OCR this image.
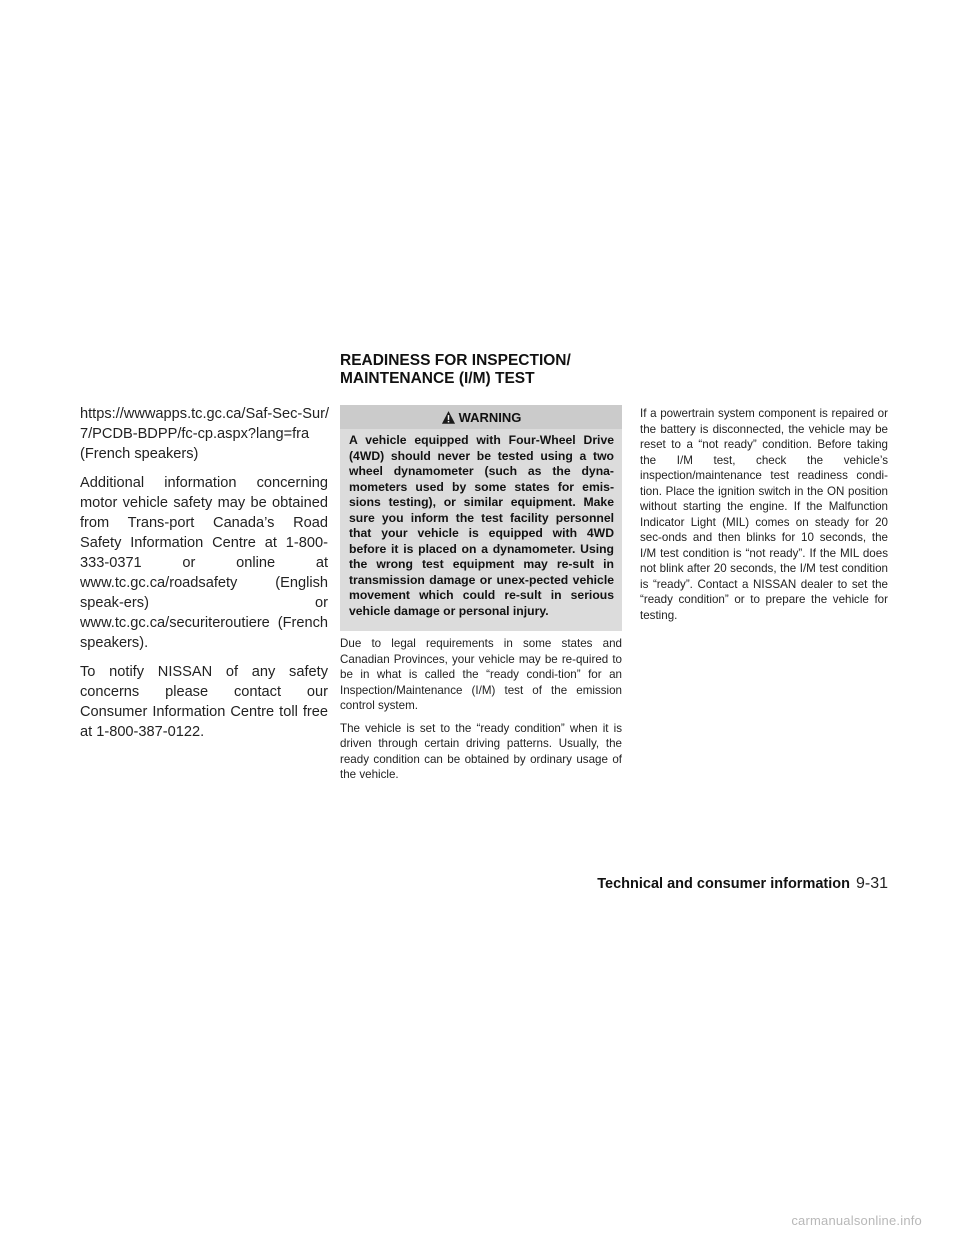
https://wwwapps.tc.gc.ca/Saf-Sec-Sur/
7/PCDB-BDPP/fc-cp.aspx?lang=fra
(French speakers)

Additional information concerning motor vehicle safety may be obtained from Trans-port Canada’s Road Safety Information Centre at 1-800-333-0371 or online at www.tc.gc.ca/roadsafety (English speak-ers) or www.tc.gc.ca/securiteroutiere (French speakers).

To notify NISSAN of any safety concerns please contact our Consumer Information Centre toll free at 1-800-387-0122.

READINESS FOR INSPECTION/
MAINTENANCE (I/M) TEST
WARNING
A vehicle equipped with Four-Wheel Drive (4WD) should never be tested using a two wheel dynamometer (such as the dyna-mometers used by some states for emis-sions testing), or similar equipment. Make sure you inform the test facility personnel that your vehicle is equipped with 4WD before it is placed on a dynamometer. Using the wrong test equipment may re-sult in transmission damage or unex-pected vehicle movement which could re-sult in serious vehicle damage or personal injury.

Due to legal requirements in some states and Canadian Provinces, your vehicle may be re-quired to be in what is called the “ready condi-tion” for an Inspection/Maintenance (I/M) test of the emission control system.

The vehicle is set to the “ready condition” when it is driven through certain driving patterns. Usually, the ready condition can be obtained by ordinary usage of the vehicle.

If a powertrain system component is repaired or the battery is disconnected, the vehicle may be reset to a “not ready” condition. Before taking the I/M test, check the vehicle’s inspection/maintenance test readiness condi-tion. Place the ignition switch in the ON position without starting the engine. If the Malfunction Indicator Light (MIL) comes on steady for 20 sec-onds and then blinks for 10 seconds, the I/M test condition is “not ready”. If the MIL does not blink after 20 seconds, the I/M test condition is “ready”. Contact a NISSAN dealer to set the “ready condition” or to prepare the vehicle for testing.

Technical and consumer information 9-31
carmanualsonline.info
